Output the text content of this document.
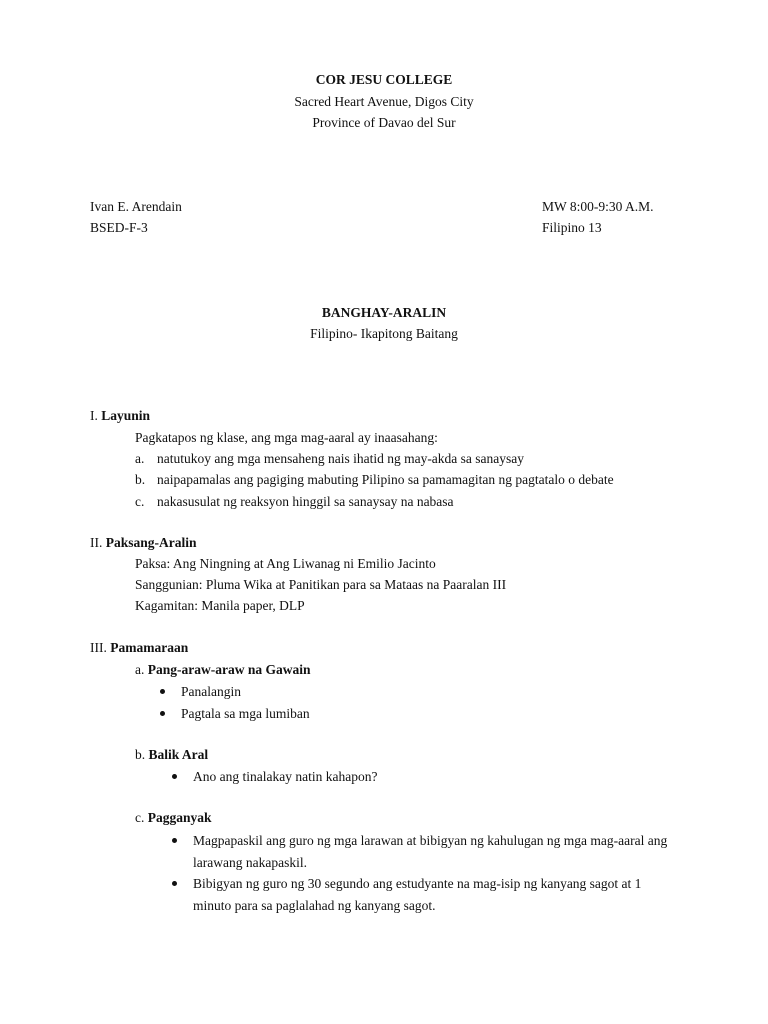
COR JESU COLLEGE
Sacred Heart Avenue, Digos City
Province of Davao del Sur
Ivan E. Arendain
BSED-F-3
MW 8:00-9:30 A.M.
Filipino 13
BANGHAY-ARALIN
Filipino- Ikapitong Baitang
I. Layunin
Pagkatapos ng klase, ang mga mag-aaral ay inaasahang:
a. natutukoy ang mga mensaheng nais ihatid ng may-akda sa sanaysay
b. naipapamalas ang pagiging mabuting Pilipino sa pamamagitan ng pagtatalo o debate
c. nakasusulat ng reaksyon hinggil sa sanaysay na nabasa
II. Paksang-Aralin
Paksa: Ang Ningning at Ang Liwanag ni Emilio Jacinto
Sanggunian: Pluma Wika at Panitikan para sa Mataas na Paaralan III
Kagamitan: Manila paper, DLP
III. Pamamaraan
a. Pang-araw-araw na Gawain
Panalangin
Pagtala sa mga lumiban
b. Balik Aral
Ano ang tinalakay natin kahapon?
c. Pagganyak
Magpapaskil ang guro ng mga larawan at bibigyan ng kahulugan ng mga mag-aaral ang larawang nakapaskil.
Bibigyan ng guro ng 30 segundo ang estudyante na mag-isip ng kanyang sagot at 1 minuto para sa paglalahad ng kanyang sagot.
